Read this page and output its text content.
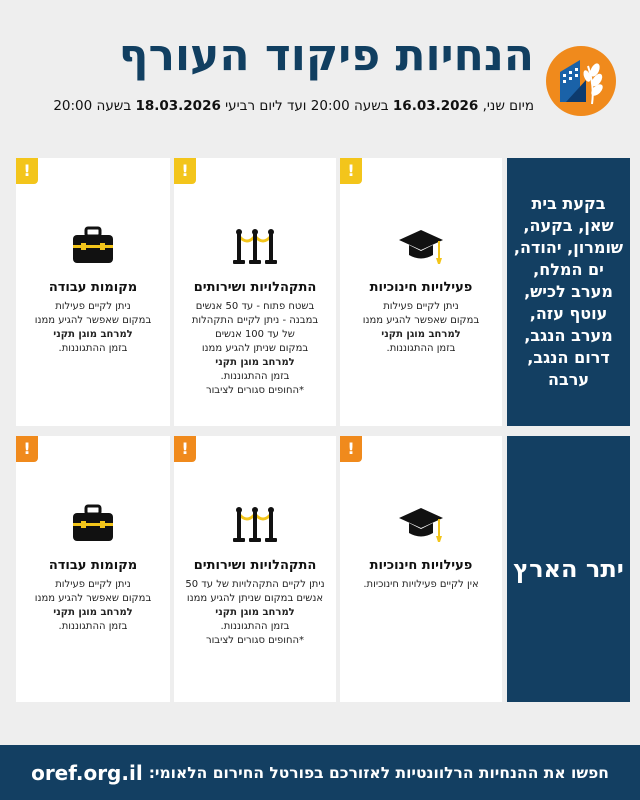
הנחיות פיקוד העורף
מיום שני, 16.03.2026 בשעה 20:00 ועד ליום רביעי 18.03.2026 בשעה 20:00
בקעת בית שאן, בקעה, שומרון, יהודה, ים המלח, מערב לכיש, עוטף עזה, מערב הנגב, דרום הנגב, ערבה
!
פעילויות חינוכיות
ניתן לקיים פעילות
במקום שאפשר להגיע ממנו
למרחב מוגן תקני
בזמן ההתגוננות.
!
התקהלויות ושירותים
בשטח פתוח - עד 50 אנשים
במבנה - ניתן לקיים התקהלות
של עד 100 אנשים
במקום שניתן להגיע ממנו
למרחב מוגן תקני
בזמן ההתגוננות.
*החופים סגורים לציבור
!
מקומות עבודה
ניתן לקיים פעילות
במקום שאפשר להגיע ממנו
למרחב מוגן תקני
בזמן ההתגוננות.
יתר הארץ
!
פעילויות חינוכיות
אין לקיים פעילויות חינוכיות.
!
התקהלויות ושירותים
ניתן לקיים התקהלויות של עד 50
אנשים במקום שניתן להגיע ממנו
למרחב מוגן תקני
בזמן ההתגוננות.
*החופים סגורים לציבור
!
מקומות עבודה
ניתן לקיים פעילות
במקום שאפשר להגיע ממנו
למרחב מוגן תקני
בזמן ההתגוננות.
חפשו את ההנחיות הרלוונטיות לאזורכם בפורטל החירום הלאומי:
oref.org.il
